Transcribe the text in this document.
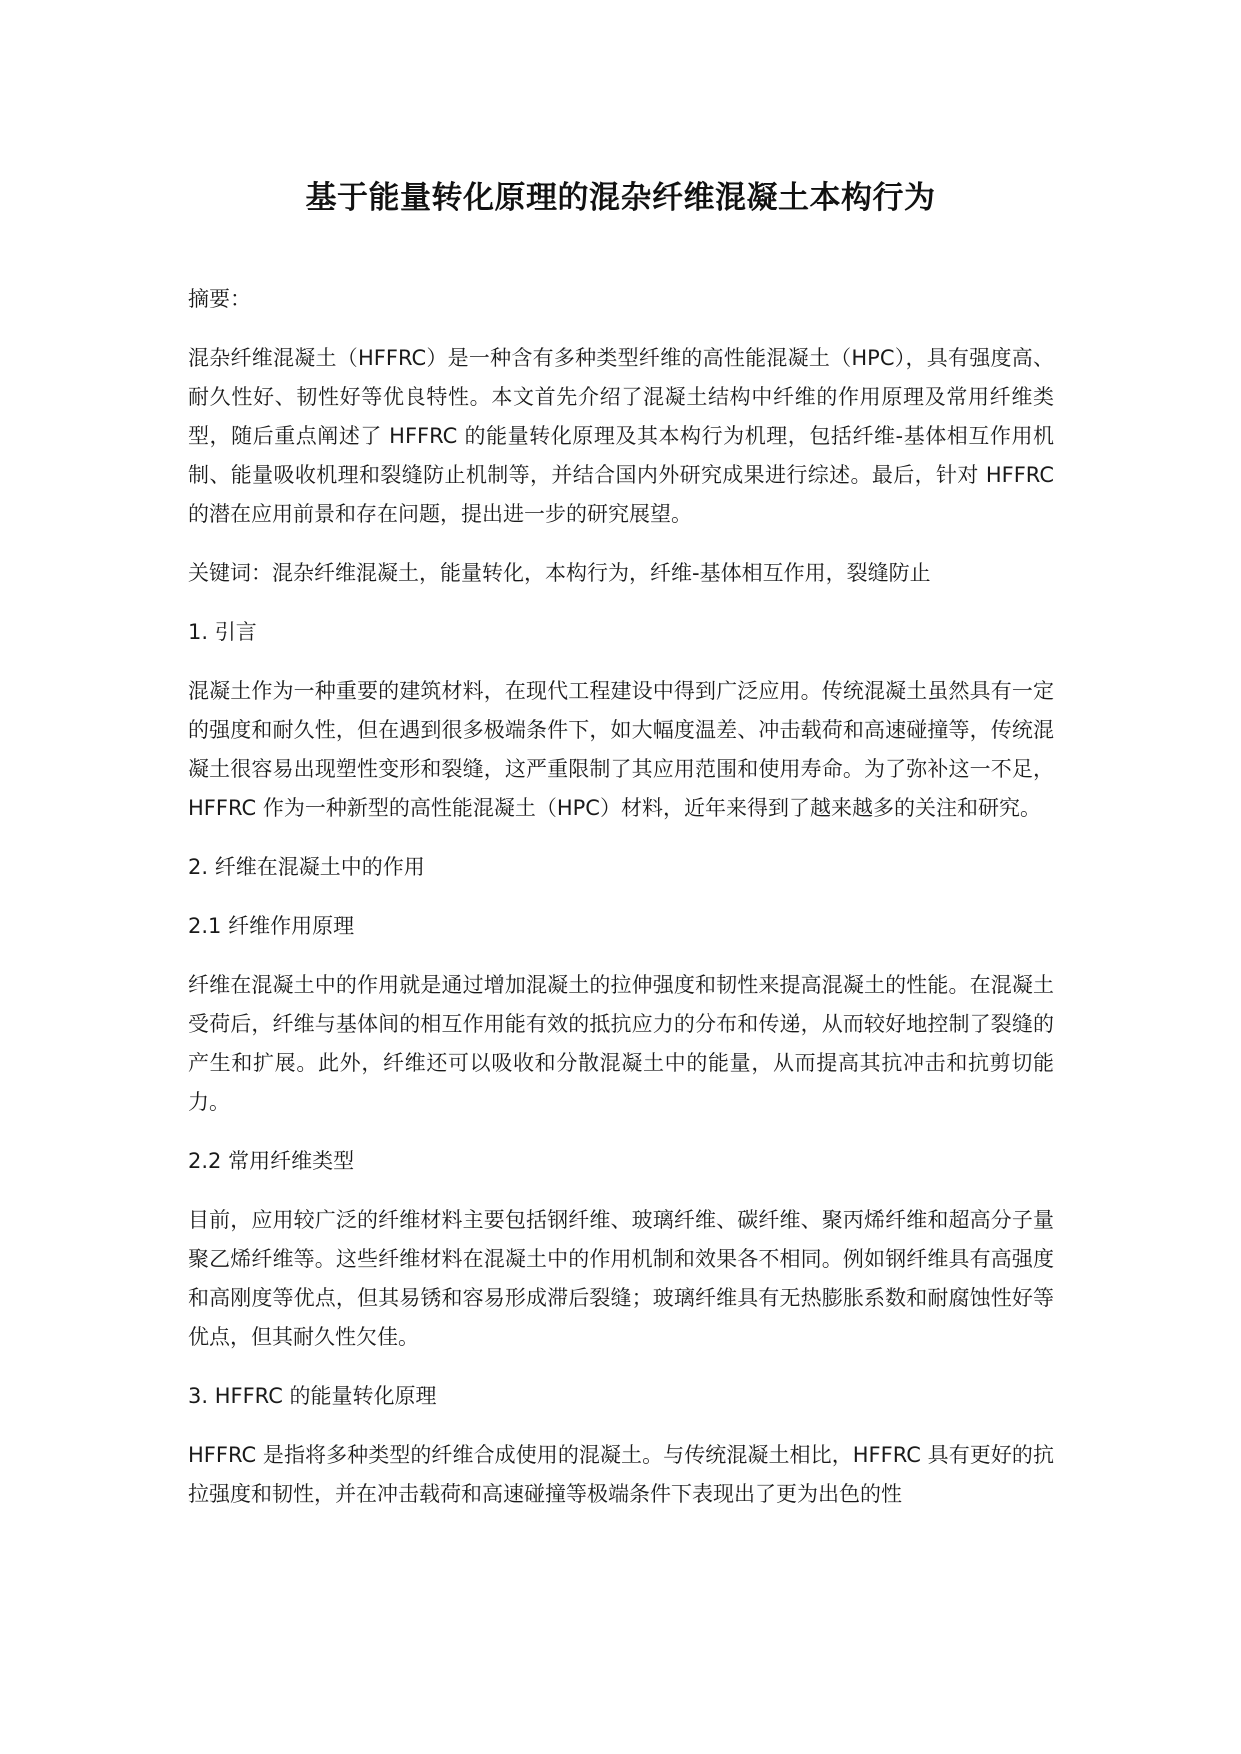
基于能量转化原理的混杂纤维混凝土本构行为

摘要：

混杂纤维混凝土（HFFRC）是一种含有多种类型纤维的高性能混凝土（HPC），具有强度高、耐久性好、韧性好等优良特性。本文首先介绍了混凝土结构中纤维的作用原理及常用纤维类型，随后重点阐述了 HFFRC 的能量转化原理及其本构行为机理，包括纤维-基体相互作用机制、能量吸收机理和裂缝防止机制等，并结合国内外研究成果进行综述。最后，针对 HFFRC 的潜在应用前景和存在问题，提出进一步的研究展望。

关键词：混杂纤维混凝土，能量转化，本构行为，纤维-基体相互作用，裂缝防止

1. 引言

混凝土作为一种重要的建筑材料，在现代工程建设中得到广泛应用。传统混凝土虽然具有一定的强度和耐久性，但在遇到很多极端条件下，如大幅度温差、冲击载荷和高速碰撞等，传统混凝土很容易出现塑性变形和裂缝，这严重限制了其应用范围和使用寿命。为了弥补这一不足，HFFRC 作为一种新型的高性能混凝土（HPC）材料，近年来得到了越来越多的关注和研究。

2. 纤维在混凝土中的作用

2.1 纤维作用原理

纤维在混凝土中的作用就是通过增加混凝土的拉伸强度和韧性来提高混凝土的性能。在混凝土受荷后，纤维与基体间的相互作用能有效的抵抗应力的分布和传递，从而较好地控制了裂缝的产生和扩展。此外，纤维还可以吸收和分散混凝土中的能量，从而提高其抗冲击和抗剪切能力。

2.2 常用纤维类型

目前，应用较广泛的纤维材料主要包括钢纤维、玻璃纤维、碳纤维、聚丙烯纤维和超高分子量聚乙烯纤维等。这些纤维材料在混凝土中的作用机制和效果各不相同。例如钢纤维具有高强度和高刚度等优点，但其易锈和容易形成滞后裂缝；玻璃纤维具有无热膨胀系数和耐腐蚀性好等优点，但其耐久性欠佳。

3. HFFRC 的能量转化原理

HFFRC 是指将多种类型的纤维合成使用的混凝土。与传统混凝土相比，HFFRC 具有更好的抗拉强度和韧性，并在冲击载荷和高速碰撞等极端条件下表现出了更为出色的性
